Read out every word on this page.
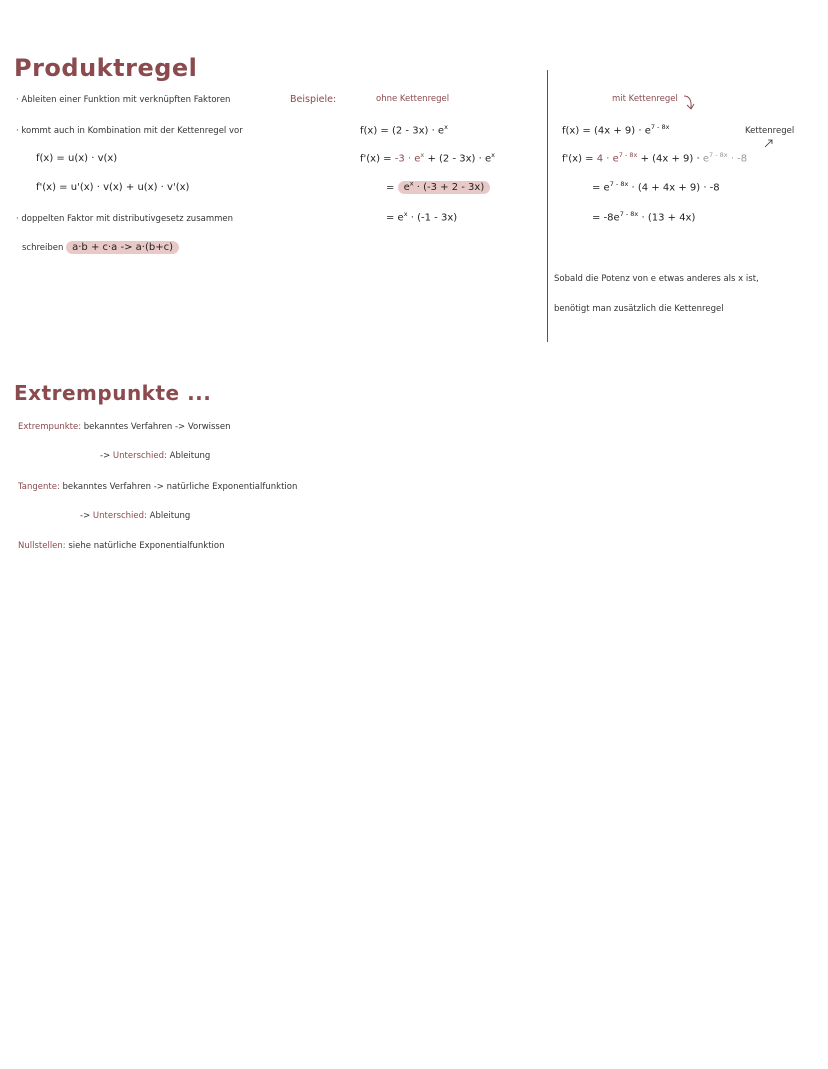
Produktregel
· Ableiten einer Funktion mit verknüpften Faktoren
· kommt auch in Kombination mit der Kettenregel vor
f(x) = u(x) · v(x)
f'(x) = u'(x) · v(x) + u(x) · v'(x)
· doppelten Faktor mit distributivgesetz zusammen
schreiben a·b + c·a -> a·(b+c)
Beispiele:	ohne Kettenregel
$f(x) = (2 - 3x) \cdot e^x$
$f'(x) = -3 \cdot e^x + (2 - 3x) \cdot e^x$
= $e^x \cdot (-3 + 2 - 3x)$
= $e^x \cdot (-1 - 3x)$
mit Kettenregel
$f(x) = (4x + 9) \cdot e^{7 - 8x}$	Kettenregel
$f'(x) = 4 \cdot e^{7 - 8x} + (4x + 9) \cdot e^{7 - 8x} \cdot -8$
= $e^{7 - 8x} \cdot (4 + 4x + 9) \cdot -8$
= $-8e^{7 - 8x} \cdot (13 + 4x)$
Sobald die Potenz von e etwas anderes als x ist,
benötigt man zusätzlich die Kettenregel
Extrempunkte ...
Extrempunkte: bekanntes Verfahren -> Vorwissen
-> Unterschied: Ableitung
Tangente: bekanntes Verfahren -> natürliche Exponentialfunktion
-> Unterschied: Ableitung
Nullstellen: siehe natürliche Exponentialfunktion
